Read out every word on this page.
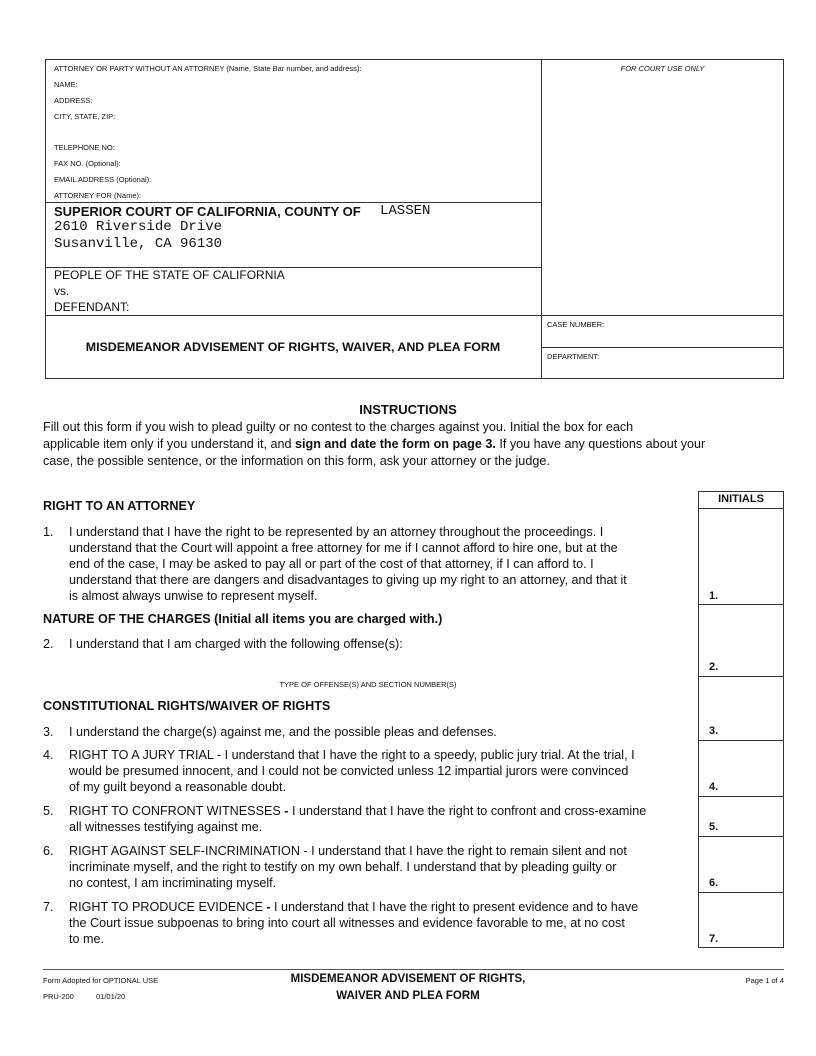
ATTORNEY OR PARTY WITHOUT AN ATTORNEY (Name, State Bar number, and address):	FOR COURT USE ONLY
NAME:
ADDRESS:
CITY, STATE, ZIP:
TELEPHONE NO:
FAX NO. (Optional):
EMAIL ADDRESS (Optional):
ATTORNEY FOR (Name):
SUPERIOR COURT OF CALIFORNIA, COUNTY OF LASSEN
2610 Riverside Drive
Susanville, CA 96130
PEOPLE OF THE STATE OF CALIFORNIA
vs.
DEFENDANT:
MISDEMEANOR ADVISEMENT OF RIGHTS, WAIVER, AND PLEA FORM
CASE NUMBER:
DEPARTMENT:
INSTRUCTIONS
Fill out this form if you wish to plead guilty or no contest to the charges against you. Initial the box for each
applicable item only if you understand it, and sign and date the form on page 3. If you have any questions about your
case, the possible sentence, or the information on this form, ask your attorney or the judge.
INITIALS
1.
2.
3.
4.
5.
6.
7.
RIGHT TO AN ATTORNEY
1. I understand that I have the right to be represented by an attorney throughout the proceedings. I
understand that the Court will appoint a free attorney for me if I cannot afford to hire one, but at the
end of the case, I may be asked to pay all or part of the cost of that attorney, if I can afford to. I
understand that there are dangers and disadvantages to giving up my right to an attorney, and that it
is almost always unwise to represent myself.
NATURE OF THE CHARGES (Initial all items you are charged with.)
2. I understand that I am charged with the following offense(s):
TYPE OF OFFENSE(S) AND SECTION NUMBER(S)
CONSTITUTIONAL RIGHTS/WAIVER OF RIGHTS
3. I understand the charge(s) against me, and the possible pleas and defenses.
4. RIGHT TO A JURY TRIAL - I understand that I have the right to a speedy, public jury trial. At the trial, I
would be presumed innocent, and I could not be convicted unless 12 impartial jurors were convinced
of my guilt beyond a reasonable doubt.
5. RIGHT TO CONFRONT WITNESSES - I understand that I have the right to confront and cross-examine
all witnesses testifying against me.
6. RIGHT AGAINST SELF-INCRIMINATION - I understand that I have the right to remain silent and not
incriminate myself, and the right to testify on my own behalf. I understand that by pleading guilty or
no contest, I am incriminating myself.
7. RIGHT TO PRODUCE EVIDENCE - I understand that I have the right to present evidence and to have
the Court issue subpoenas to bring into court all witnesses and evidence favorable to me, at no cost
to me.
Form Adopted for OPTIONAL USE
PRU-200	01/01/20
MISDEMEANOR ADVISEMENT OF RIGHTS,
WAIVER AND PLEA FORM
Page 1 of 4
